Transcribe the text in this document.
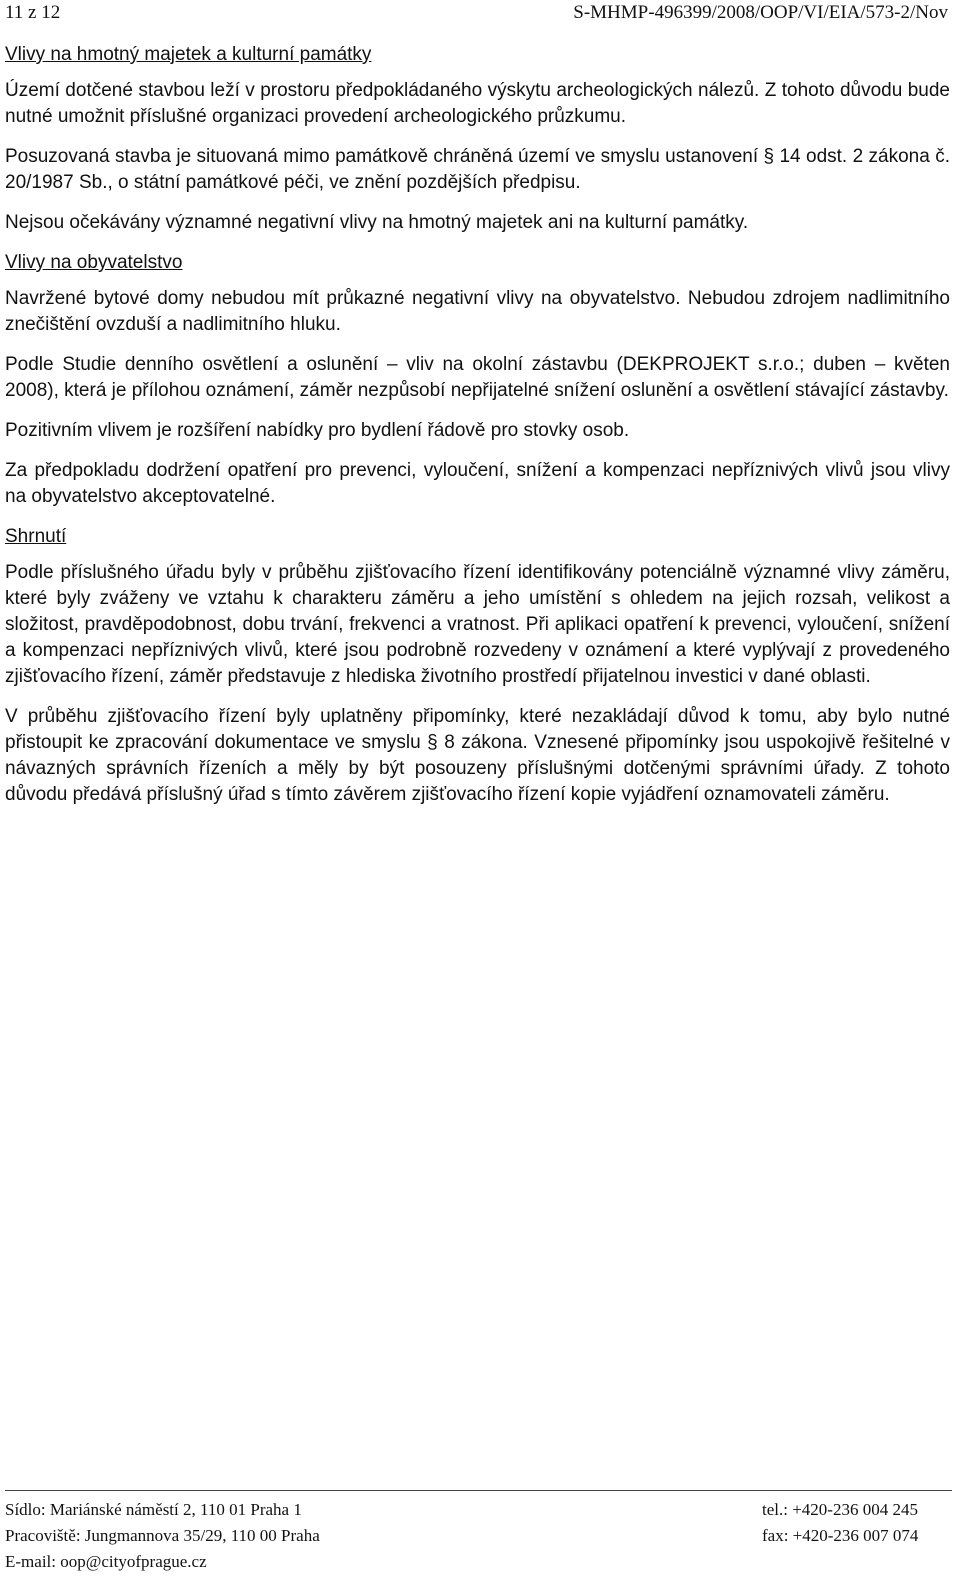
11 z 12	S-MHMP-496399/2008/OOP/VI/EIA/573-2/Nov
Vlivy na hmotný majetek a kulturní památky

Území dotčené stavbou leží v prostoru předpokládaného výskytu archeologických nálezů. Z tohoto důvodu bude nutné umožnit příslušné organizaci provedení archeologického průzkumu.

Posuzovaná stavba je situovaná mimo památkově chráněná území ve smyslu ustanovení § 14 odst. 2 zákona č. 20/1987 Sb., o státní památkové péči, ve znění pozdějších předpisu.

Nejsou očekávány významné negativní vlivy na hmotný majetek ani na kulturní památky.

Vlivy na obyvatelstvo

Navržené bytové domy nebudou mít průkazné negativní vlivy na obyvatelstvo. Nebudou zdrojem nadlimitního znečištění ovzduší a nadlimitního hluku.

Podle Studie denního osvětlení a oslunění – vliv na okolní zástavbu (DEKPROJEKT s.r.o.; duben – květen 2008), která je přílohou oznámení, záměr nezpůsobí nepřijatelné snížení oslunění a osvětlení stávající zástavby.

Pozitivním vlivem je rozšíření nabídky pro bydlení řádově pro stovky osob.

Za předpokladu dodržení opatření pro prevenci, vyloučení, snížení a kompenzaci nepříznivých vlivů jsou vlivy na obyvatelstvo akceptovatelné.

Shrnutí

Podle příslušného úřadu byly v průběhu zjišťovacího řízení identifikovány potenciálně významné vlivy záměru, které byly zváženy ve vztahu k charakteru záměru a jeho umístění s ohledem na jejich rozsah, velikost a složitost, pravděpodobnost, dobu trvání, frekvenci a vratnost. Při aplikaci opatření k prevenci, vyloučení, snížení a kompenzaci nepříznivých vlivů, které jsou podrobně rozvedeny v oznámení a které vyplývají z provedeného zjišťovacího řízení, záměr představuje z hlediska životního prostředí přijatelnou investici v dané oblasti.

V průběhu zjišťovacího řízení byly uplatněny připomínky, které nezakládají důvod k tomu, aby bylo nutné přistoupit ke zpracování dokumentace ve smyslu § 8 zákona. Vznesené připomínky jsou uspokojivě řešitelné v návazných správních řízeních a měly by být posouzeny příslušnými dotčenými správními úřady. Z tohoto důvodu předává příslušný úřad s tímto závěrem zjišťovacího řízení kopie vyjádření oznamovateli záměru.

Sídlo: Mariánské náměstí 2, 110 01 Praha 1
Pracoviště: Jungmannova 35/29, 110 00 Praha
E-mail: oop@cityofprague.cz
tel.: +420-236 004 245
fax: +420-236 007 074
